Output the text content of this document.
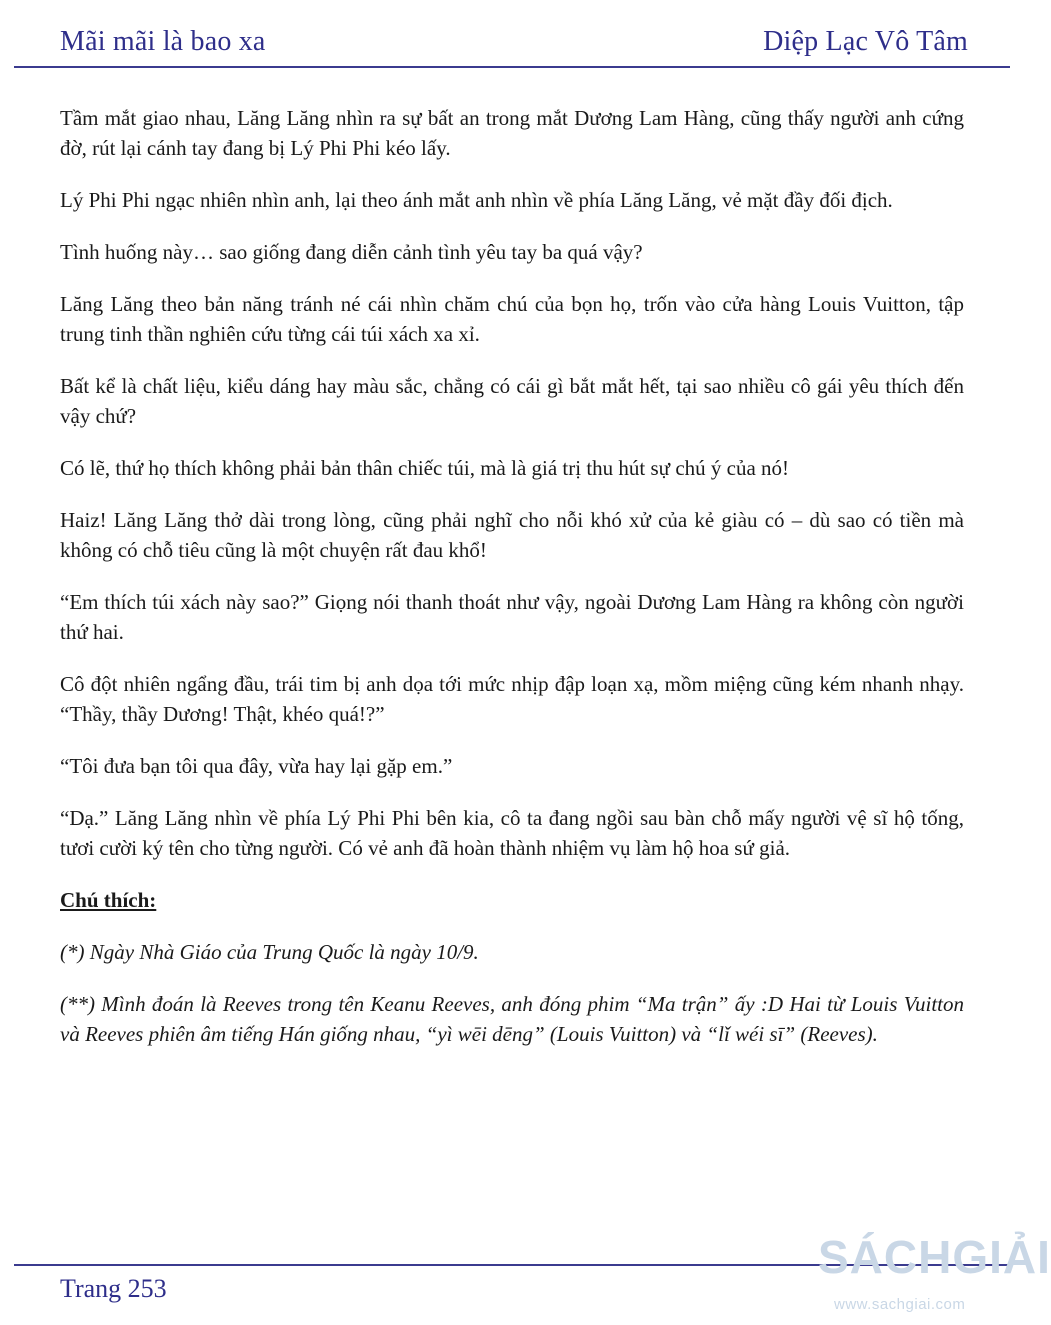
Mãi mãi là bao xa	Diệp Lạc Vô Tâm

Tầm mắt giao nhau, Lăng Lăng nhìn ra sự bất an trong mắt Dương Lam Hàng, cũng thấy người anh cứng đờ, rút lại cánh tay đang bị Lý Phi Phi kéo lấy.

Lý Phi Phi ngạc nhiên nhìn anh, lại theo ánh mắt anh nhìn về phía Lăng Lăng, vẻ mặt đầy đối địch.

Tình huống này… sao giống đang diễn cảnh tình yêu tay ba quá vậy?

Lăng Lăng theo bản năng tránh né cái nhìn chăm chú của bọn họ, trốn vào cửa hàng Louis Vuitton, tập trung tinh thần nghiên cứu từng cái túi xách xa xỉ.

Bất kể là chất liệu, kiểu dáng hay màu sắc, chẳng có cái gì bắt mắt hết, tại sao nhiều cô gái yêu thích đến vậy chứ?

Có lẽ, thứ họ thích không phải bản thân chiếc túi, mà là giá trị thu hút sự chú ý của nó!

Haiz! Lăng Lăng thở dài trong lòng, cũng phải nghĩ cho nỗi khó xử của kẻ giàu có – dù sao có tiền mà không có chỗ tiêu cũng là một chuyện rất đau khổ!

“Em thích túi xách này sao?” Giọng nói thanh thoát như vậy, ngoài Dương Lam Hàng ra không còn người thứ hai.

Cô đột nhiên ngẩng đầu, trái tim bị anh dọa tới mức nhịp đập loạn xạ, mồm miệng cũng kém nhanh nhạy. “Thầy, thầy Dương! Thật, khéo quá!?”

“Tôi đưa bạn tôi qua đây, vừa hay lại gặp em.”

“Dạ.” Lăng Lăng nhìn về phía Lý Phi Phi bên kia, cô ta đang ngồi sau bàn chỗ mấy người vệ sĩ hộ tống, tươi cười ký tên cho từng người. Có vẻ anh đã hoàn thành nhiệm vụ làm hộ hoa sứ giả.

Chú thích:

(*) Ngày Nhà Giáo của Trung Quốc là ngày 10/9.

(**) Mình đoán là Reeves trong tên Keanu Reeves, anh đóng phim “Ma trận” ấy :D Hai từ Louis Vuitton và Reeves phiên âm tiếng Hán giống nhau, “yì wēi dēng” (Louis Vuitton) và “lǐ wéi sī” (Reeves).

Trang 253
SÁCHGIẢI
www.sachgiai.com
